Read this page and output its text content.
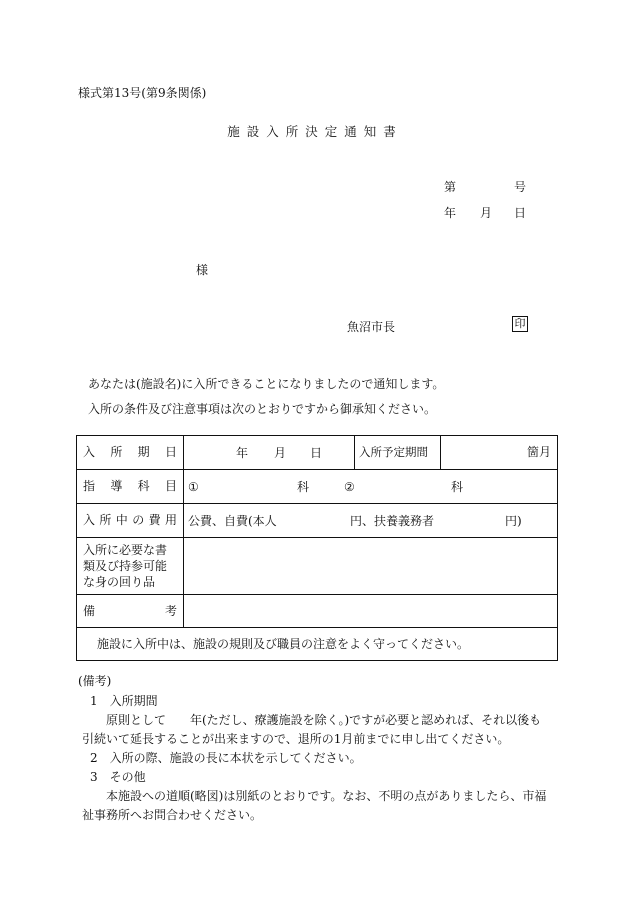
様式第13号(第9条関係)
施設入所決定通知書
第	号
年 月 日
様
魚沼市長	印
あなたは(施設名)に入所できることになりましたので通知します。
入所の条件及び注意事項は次のとおりですから御承知ください。
入所期日	年 月 日	入所予定期間	箇月
指導科目	① 科 ② 科		

入所中の費用	公費、自費(本人 円、扶養義務者 円)		

入所に必要な書類及び持参可能な身の回り品			
備考			
施設に入所中は、施設の規則及び職員の注意をよく守ってください。			
(備考)
1　入所期間
原則として　　年(ただし、療護施設を除く。)ですが必要と認めれば、それ以後も
引続いて延長することが出来ますので、退所の1月前までに申し出てください。
2　入所の際、施設の長に本状を示してください。
3　その他
本施設への道順(略図)は別紙のとおりです。なお、不明の点がありましたら、市福
祉事務所へお問合わせください。
